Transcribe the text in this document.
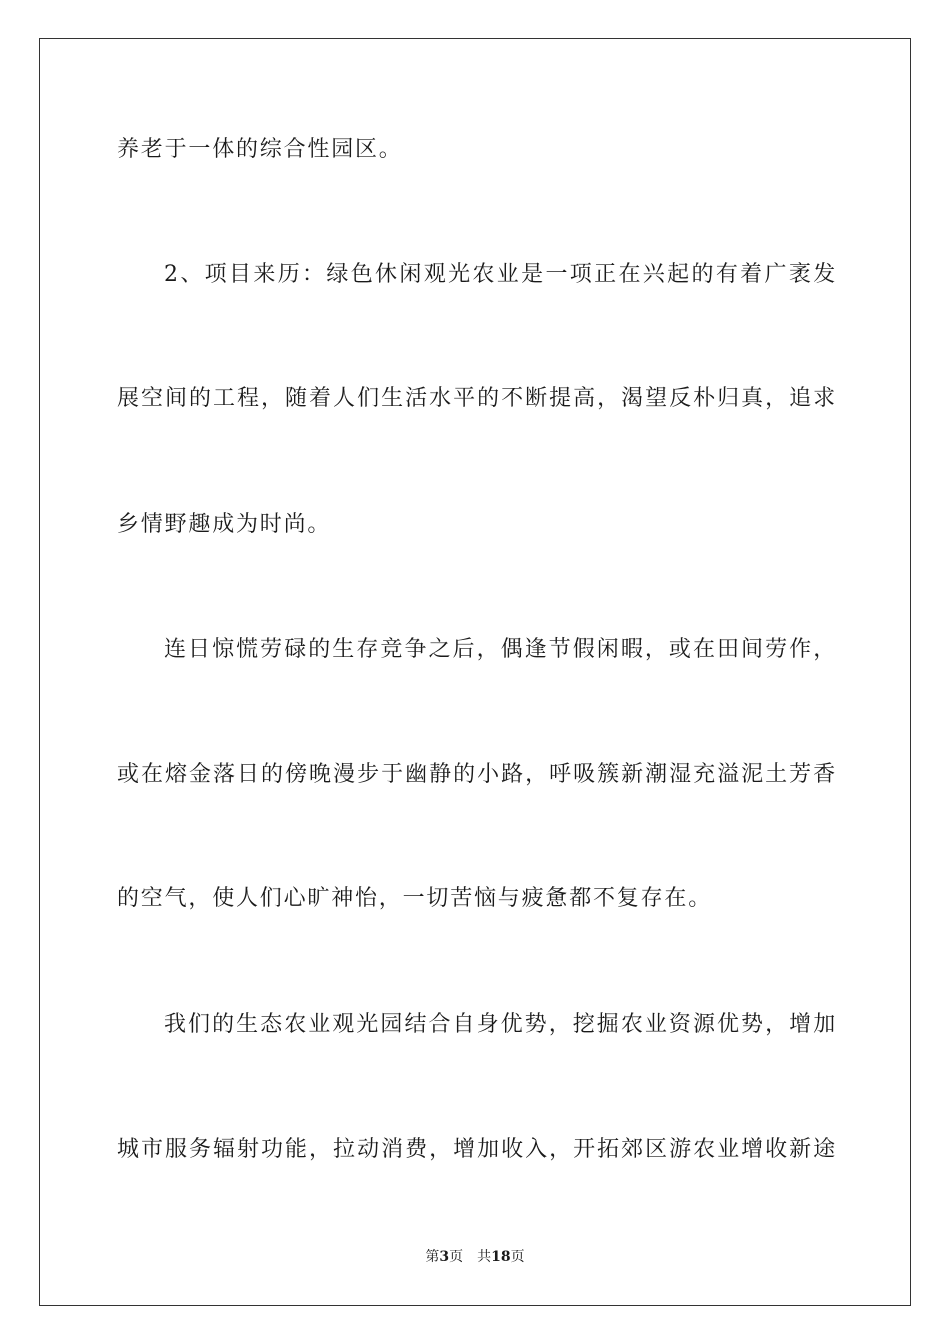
养老于一体的综合性园区。
2、项目来历：绿色休闲观光农业是一项正在兴起的有着广袤发
展空间的工程，随着人们生活水平的不断提高，渴望反朴归真，追求
乡情野趣成为时尚。
连日惊慌劳碌的生存竞争之后，偶逢节假闲暇，或在田间劳作，
或在熔金落日的傍晚漫步于幽静的小路，呼吸簇新潮湿充溢泥土芳香
的空气，使人们心旷神怡，一切苦恼与疲惫都不复存在。
我们的生态农业观光园结合自身优势，挖掘农业资源优势，增加
城市服务辐射功能，拉动消费，增加收入，开拓郊区游农业增收新途
第3页 共18页
